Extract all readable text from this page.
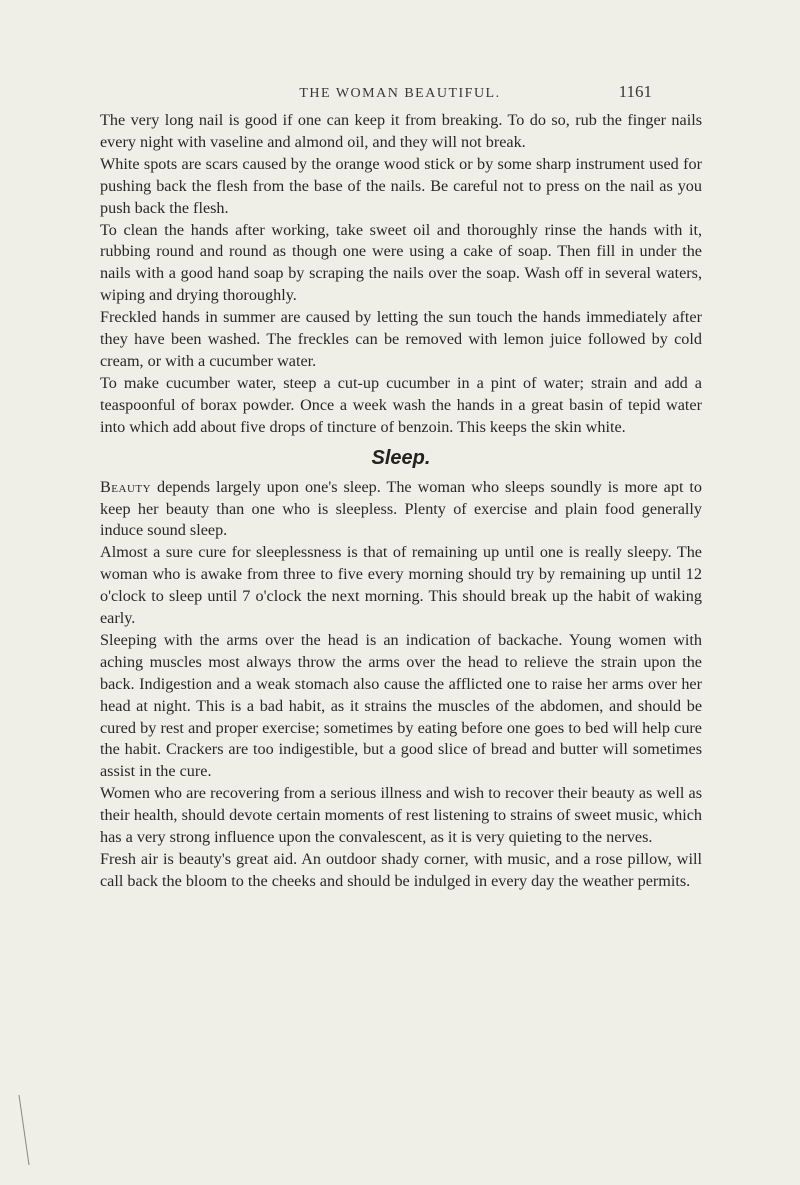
THE WOMAN BEAUTIFUL.	1161

The very long nail is good if one can keep it from breaking. To do so, rub the finger nails every night with vaseline and almond oil, and they will not break.

White spots are scars caused by the orange wood stick or by some sharp instrument used for pushing back the flesh from the base of the nails. Be careful not to press on the nail as you push back the flesh.

To clean the hands after working, take sweet oil and thoroughly rinse the hands with it, rubbing round and round as though one were using a cake of soap. Then fill in under the nails with a good hand soap by scraping the nails over the soap. Wash off in several waters, wiping and drying thoroughly.

Freckled hands in summer are caused by letting the sun touch the hands immediately after they have been washed. The freckles can be removed with lemon juice followed by cold cream, or with a cucumber water.

To make cucumber water, steep a cut-up cucumber in a pint of water; strain and add a teaspoonful of borax powder. Once a week wash the hands in a great basin of tepid water into which add about five drops of tincture of benzoin. This keeps the skin white.

Sleep.

Beauty depends largely upon one's sleep. The woman who sleeps soundly is more apt to keep her beauty than one who is sleepless. Plenty of exercise and plain food generally induce sound sleep.

Almost a sure cure for sleeplessness is that of remaining up until one is really sleepy. The woman who is awake from three to five every morning should try by remaining up until 12 o'clock to sleep until 7 o'clock the next morning. This should break up the habit of waking early.

Sleeping with the arms over the head is an indication of backache. Young women with aching muscles most always throw the arms over the head to relieve the strain upon the back. Indigestion and a weak stomach also cause the afflicted one to raise her arms over her head at night. This is a bad habit, as it strains the muscles of the abdomen, and should be cured by rest and proper exercise; sometimes by eating before one goes to bed will help cure the habit. Crackers are too indigestible, but a good slice of bread and butter will sometimes assist in the cure.

Women who are recovering from a serious illness and wish to recover their beauty as well as their health, should devote certain moments of rest listening to strains of sweet music, which has a very strong influence upon the convalescent, as it is very quieting to the nerves.

Fresh air is beauty's great aid. An outdoor shady corner, with music, and a rose pillow, will call back the bloom to the cheeks and should be indulged in every day the weather permits.
